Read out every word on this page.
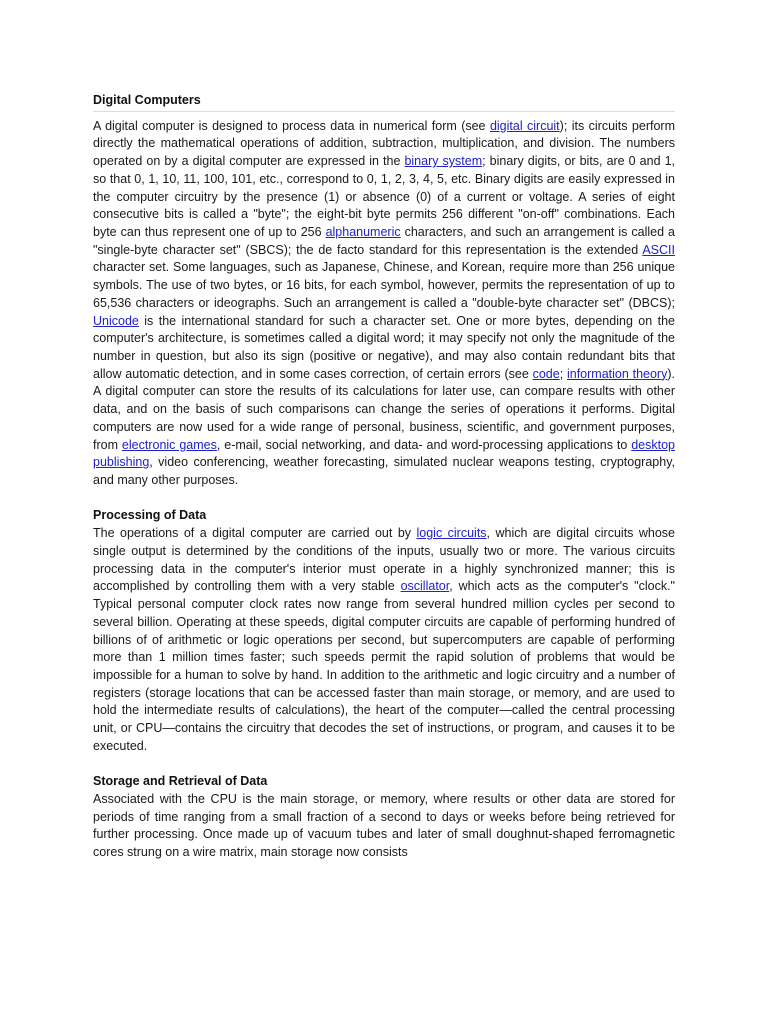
Digital Computers

A digital computer is designed to process data in numerical form (see digital circuit); its circuits perform directly the mathematical operations of addition, subtraction, multiplication, and division. The numbers operated on by a digital computer are expressed in the binary system; binary digits, or bits, are 0 and 1, so that 0, 1, 10, 11, 100, 101, etc., correspond to 0, 1, 2, 3, 4, 5, etc. Binary digits are easily expressed in the computer circuitry by the presence (1) or absence (0) of a current or voltage. A series of eight consecutive bits is called a "byte"; the eight-bit byte permits 256 different "on-off" combinations. Each byte can thus represent one of up to 256 alphanumeric characters, and such an arrangement is called a "single-byte character set" (SBCS); the de facto standard for this representation is the extended ASCII character set. Some languages, such as Japanese, Chinese, and Korean, require more than 256 unique symbols. The use of two bytes, or 16 bits, for each symbol, however, permits the representation of up to 65,536 characters or ideographs. Such an arrangement is called a "double-byte character set" (DBCS); Unicode is the international standard for such a character set. One or more bytes, depending on the computer's architecture, is sometimes called a digital word; it may specify not only the magnitude of the number in question, but also its sign (positive or negative), and may also contain redundant bits that allow automatic detection, and in some cases correction, of certain errors (see code; information theory). A digital computer can store the results of its calculations for later use, can compare results with other data, and on the basis of such comparisons can change the series of operations it performs. Digital computers are now used for a wide range of personal, business, scientific, and government purposes, from electronic games, e-mail, social networking, and data- and word-processing applications to desktop publishing, video conferencing, weather forecasting, simulated nuclear weapons testing, cryptography, and many other purposes.

Processing of Data

The operations of a digital computer are carried out by logic circuits, which are digital circuits whose single output is determined by the conditions of the inputs, usually two or more. The various circuits processing data in the computer's interior must operate in a highly synchronized manner; this is accomplished by controlling them with a very stable oscillator, which acts as the computer's "clock." Typical personal computer clock rates now range from several hundred million cycles per second to several billion. Operating at these speeds, digital computer circuits are capable of performing hundred of billions of of arithmetic or logic operations per second, but supercomputers are capable of performing more than 1 million times faster; such speeds permit the rapid solution of problems that would be impossible for a human to solve by hand. In addition to the arithmetic and logic circuitry and a number of registers (storage locations that can be accessed faster than main storage, or memory, and are used to hold the intermediate results of calculations), the heart of the computer—called the central processing unit, or CPU—contains the circuitry that decodes the set of instructions, or program, and causes it to be executed.

Storage and Retrieval of Data

Associated with the CPU is the main storage, or memory, where results or other data are stored for periods of time ranging from a small fraction of a second to days or weeks before being retrieved for further processing. Once made up of vacuum tubes and later of small doughnut-shaped ferromagnetic cores strung on a wire matrix, main storage now consists
